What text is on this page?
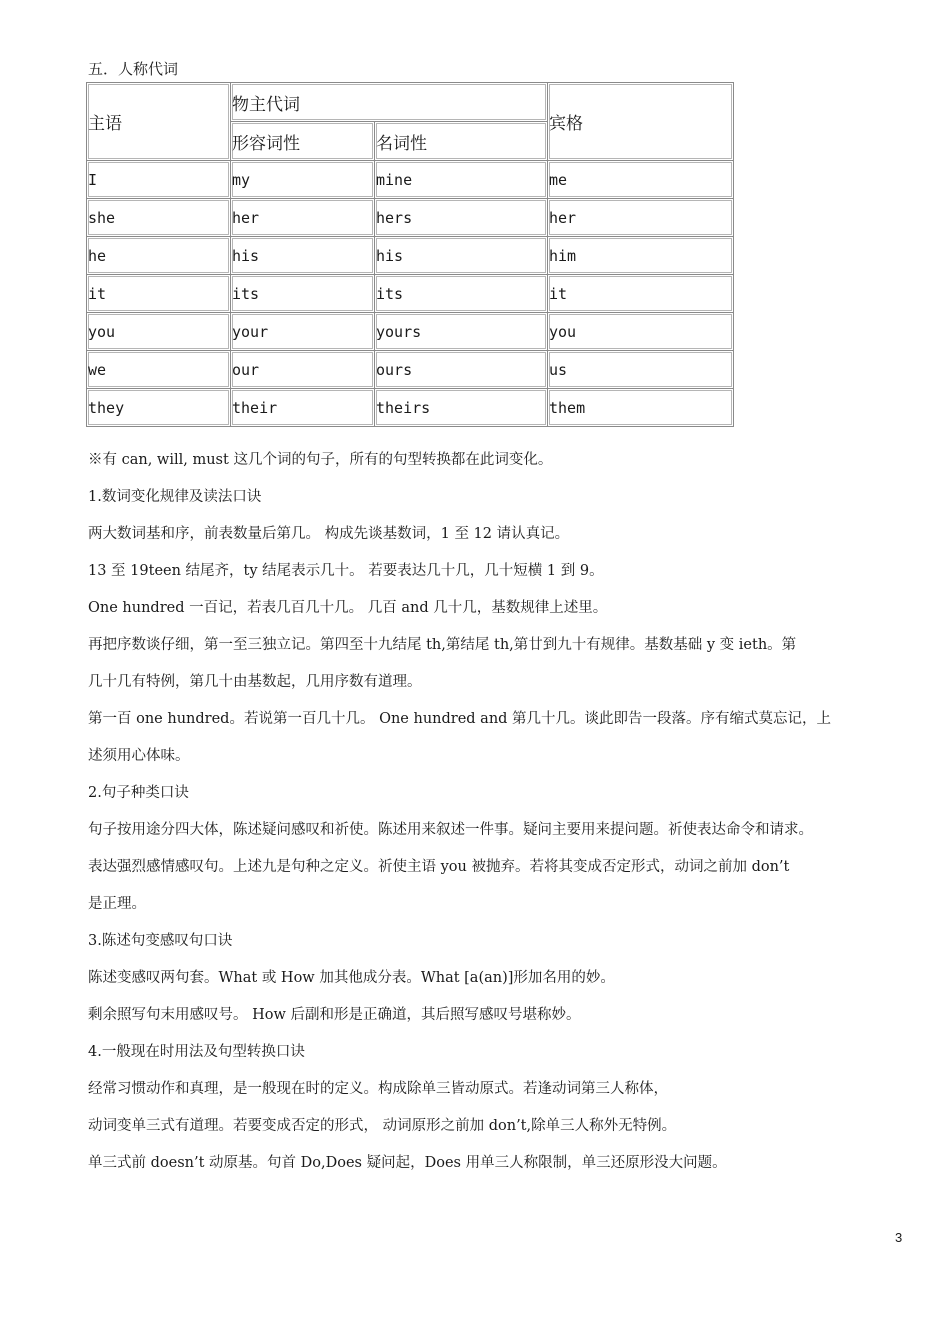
五．人称代词
主语	物主代词		宾格
	形容词性	名词性	
I	my	mine	me
she	her	hers	her
he	his	his	him
it	its	its	it
you	your	yours	you
we	our	ours	us
they	their	theirs	them

※有 can, will, must 这几个词的句子，所有的句型转换都在此词变化。

1.数词变化规律及读法口诀

两大数词基和序，前表数量后第几。 构成先谈基数词，1 至 12 请认真记。

13 至 19teen 结尾齐，ty 结尾表示几十。 若要表达几十几，几十短横 1 到 9。

One hundred 一百记，若表几百几十几。 几百 and 几十几，基数规律上述里。

再把序数谈仔细，第一至三独立记。第四至十九结尾 th,第结尾 th,第廿到九十有规律。基数基础 y 变 ieth。第

几十几有特例，第几十由基数起，几用序数有道理。

第一百 one hundred。若说第一百几十几。 One hundred and 第几十几。谈此即告一段落。序有缩式莫忘记，上

述须用心体味。

2.句子种类口诀

句子按用途分四大体，陈述疑问感叹和祈使。陈述用来叙述一件事。疑问主要用来提问题。祈使表达命令和请求。

表达强烈感情感叹句。上述九是句种之定义。祈使主语 you 被抛弃。若将其变成否定形式，动词之前加 don’t

是正理。

3.陈述句变感叹句口诀

陈述变感叹两句套。What 或 How 加其他成分表。What [a(an)]形加名用的妙。

剩余照写句末用感叹号。 How 后副和形是正确道，其后照写感叹号堪称妙。

4.一般现在时用法及句型转换口诀

经常习惯动作和真理，是一般现在时的定义。构成除单三皆动原式。若逢动词第三人称体，

动词变单三式有道理。若要变成否定的形式， 动词原形之前加 don’t,除单三人称外无特例。

单三式前 doesn’t 动原基。句首 Do,Does 疑问起，Does 用单三人称限制，单三还原形没大问题。

3
